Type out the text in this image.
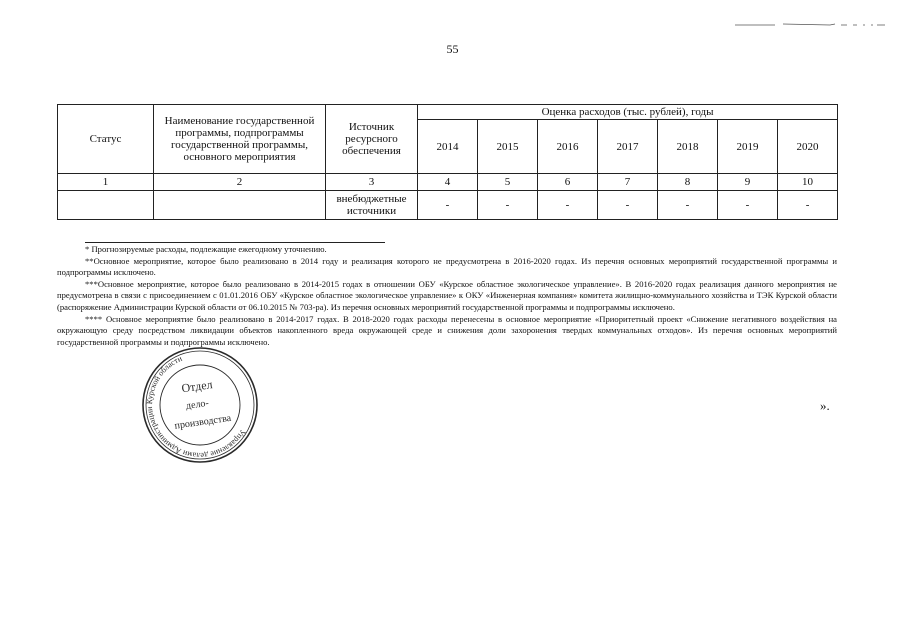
55
Статус	Наименование государственной программы, подпрограммы государственной программы, основного мероприятия	Источник ресурсного обеспечения	Оценка расходов (тыс. рублей), годы						
			2014	2015	2016	2017	2018	2019	2020
1	2	3	4	5	6	7	8	9	10
		внебюджетные источники	-	-	-	-	-	-	-

* Прогнозируемые расходы, подлежащие ежегодному уточнению.

**Основное мероприятие, которое было реализовано в 2014 году и реализация которого не предусмотрена в 2016-2020 годах. Из перечня основных мероприятий государственной программы и подпрограммы исключено.

***Основное мероприятие, которое было реализовано в 2014-2015 годах в отношении ОБУ «Курское областное экологическое управление». В 2016-2020 годах реализация данного мероприятия не предусмотрена в связи с присоединением с 01.01.2016 ОБУ «Курское областное экологическое управление» к ОКУ «Инженерная компания» комитета жилищно-коммунального хозяйства и ТЭК Курской области (распоряжение Администрации Курской области от 06.10.2015 № 703-ра). Из перечня основных мероприятий государственной программы и подпрограммы исключено.

**** Основное мероприятие было реализовано в 2014-2017 годах. В 2018-2020 годах расходы перенесены в основное мероприятие «Приоритетный проект «Снижение негативного воздействия на окружающую среду посредством ликвидации объектов накопленного вреда окружающей среде и снижения доли захоронения твердых коммунальных отходов». Из перечня основных мероприятий государственной программы и подпрограммы исключено.

».
Управление делами Администрации Курской области
Отдел
дело-
производства
